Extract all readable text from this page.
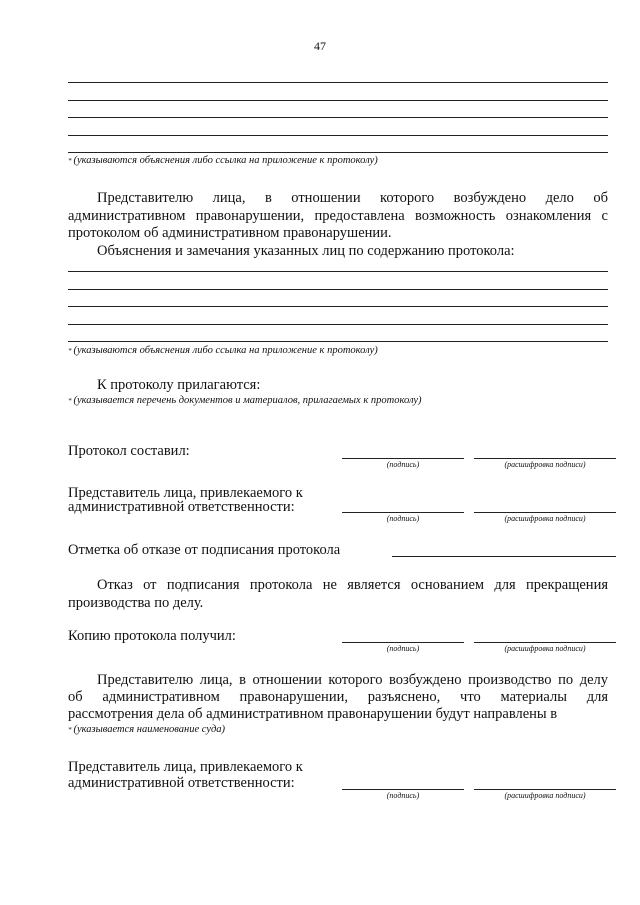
47
* (указываются объяснения либо ссылка на приложение к протоколу)
Представителю лица, в отношении которого возбуждено дело об
административном правонарушении, предоставлена возможность ознакомления с
протоколом об административном правонарушении.
Объяснения и замечания указанных лиц по содержанию протокола:
* (указываются объяснения либо ссылка на приложение к протоколу)
К протоколу прилагаются:
* (указывается перечень документов и материалов, прилагаемых к протоколу)
Протокол составил:
(подпись)	(расшифровка подписи)
Представитель лица, привлекаемого к
административной ответственности:
(подпись)	(расшифровка подписи)
Отметка об отказе от подписания протокола
Отказ от подписания протокола не является основанием для прекращения
производства по делу.
Копию протокола получил:
(подпись)	(расшифровка подписи)
Представителю лица, в отношении которого возбуждено производство по делу
об административном правонарушении, разъяснено, что материалы для
рассмотрения дела об административном правонарушении будут направлены в
* (указывается наименование суда)
Представитель лица, привлекаемого к
административной ответственности:
(подпись)	(расшифровка подписи)
